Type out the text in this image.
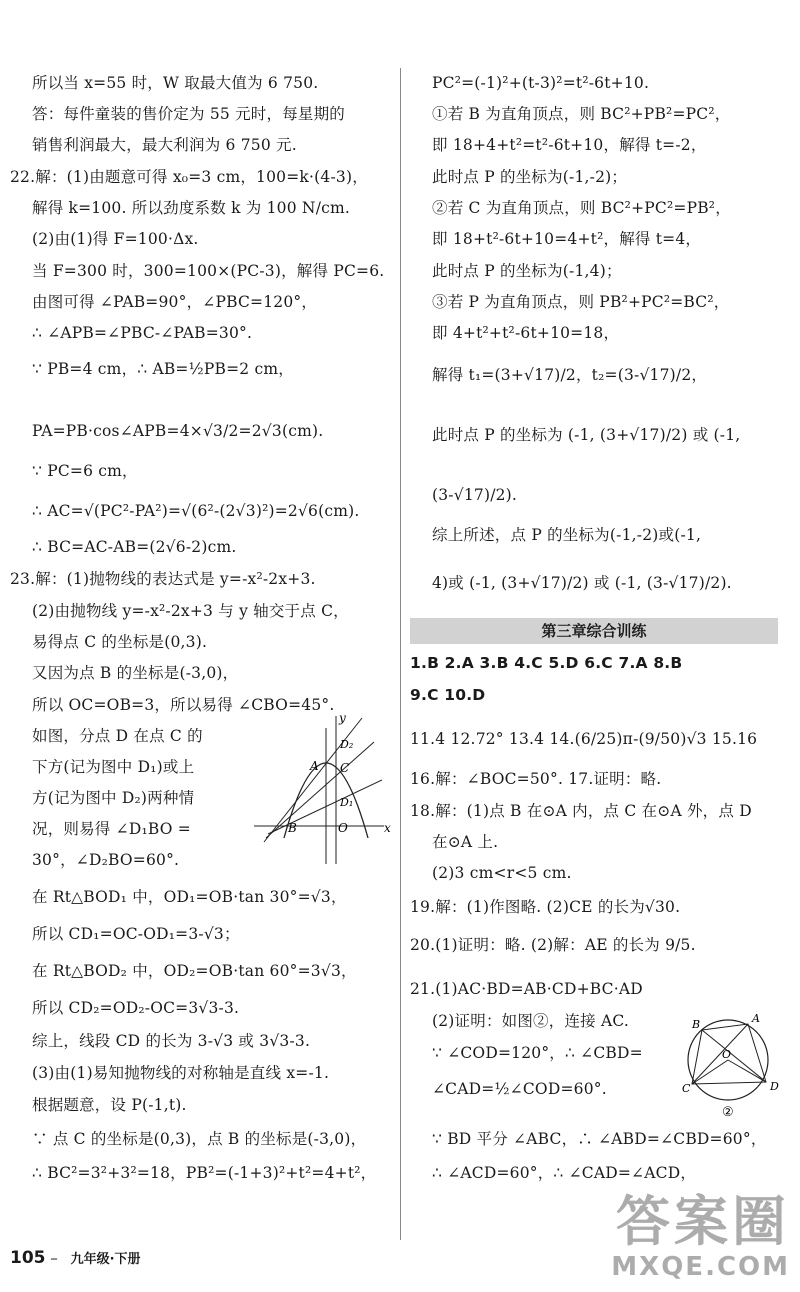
所以当 x=55 时，W 取最大值为 6 750.
答：每件童装的售价定为 55 元时，每星期的
销售利润最大，最大利润为 6 750 元.
22.解：(1)由题意可得 x₀=3 cm，100=k·(4-3)，
解得 k=100. 所以劲度系数 k 为 100 N/cm.
(2)由(1)得 F=100·Δx.
当 F=300 时，300=100×(PC-3)，解得 PC=6.
由图可得 ∠PAB=90°，∠PBC=120°，
∴ ∠APB=∠PBC-∠PAB=30°.
∵ PB=4 cm，∴ AB=½PB=2 cm，
PA=PB·cos∠APB=4×√3/2=2√3(cm).
∵ PC=6 cm，
∴ AC=√(PC²-PA²)=√(6²-(2√3)²)=2√6(cm).
∴ BC=AC-AB=(2√6-2)cm.
23.解：(1)抛物线的表达式是 y=-x²-2x+3.
(2)由抛物线 y=-x²-2x+3 与 y 轴交于点 C，
易得点 C 的坐标是(0,3).
又因为点 B 的坐标是(-3,0)，
所以 OC=OB=3，所以易得 ∠CBO=45°.
如图，分点 D 在点 C 的
下方(记为图中 D₁)或上
方(记为图中 D₂)两种情
况，则易得 ∠D₁BO =
30°，∠D₂BO=60°.
在 Rt△BOD₁ 中，OD₁=OB·tan 30°=√3，
所以 CD₁=OC-OD₁=3-√3；
在 Rt△BOD₂ 中，OD₂=OB·tan 60°=3√3，
所以 CD₂=OD₂-OC=3√3-3.
综上，线段 CD 的长为 3-√3 或 3√3-3.
(3)由(1)易知抛物线的对称轴是直线 x=-1.
根据题意，设 P(-1,t).
∵ 点 C 的坐标是(0,3)，点 B 的坐标是(-3,0)，
∴ BC²=3²+3²=18，PB²=(-1+3)²+t²=4+t²，
y
x
A C
D₂
D₁
B	O
PC²=(-1)²+(t-3)²=t²-6t+10.
①若 B 为直角顶点，则 BC²+PB²=PC²，
即 18+4+t²=t²-6t+10，解得 t=-2，
此时点 P 的坐标为(-1,-2)；
②若 C 为直角顶点，则 BC²+PC²=PB²，
即 18+t²-6t+10=4+t²，解得 t=4，
此时点 P 的坐标为(-1,4)；
③若 P 为直角顶点，则 PB²+PC²=BC²，
即 4+t²+t²-6t+10=18，
解得 t₁=(3+√17)/2，t₂=(3-√17)/2，
此时点 P 的坐标为 (-1, (3+√17)/2) 或 (-1,
(3-√17)/2).
综上所述，点 P 的坐标为(-1,-2)或(-1,
4)或 (-1, (3+√17)/2) 或 (-1, (3-√17)/2).
第三章综合训练
1.B 2.A 3.B 4.C 5.D 6.C 7.A 8.B
9.C 10.D
11.4 12.72° 13.4 14.(6/25)π-(9/50)√3 15.16
16.解：∠BOC=50°. 17.证明：略.
18.解：(1)点 B 在⊙A 内，点 C 在⊙A 外，点 D
在⊙A 上.
(2)3 cm<r<5 cm.
19.解：(1)作图略. (2)CE 的长为√30.
20.(1)证明：略. (2)解：AE 的长为 9/5.
21.(1)AC·BD=AB·CD+BC·AD
(2)证明：如图②，连接 AC.
∵ ∠COD=120°，∴ ∠CBD=
∠CAD=½∠COD=60°.
∵ BD 平分 ∠ABC，∴ ∠ABD=∠CBD=60°，
∴ ∠ACD=60°，∴ ∠CAD=∠ACD，
A
B
C	D
O
②
105 – 九年级·下册
答案圈
MXQE.COM
